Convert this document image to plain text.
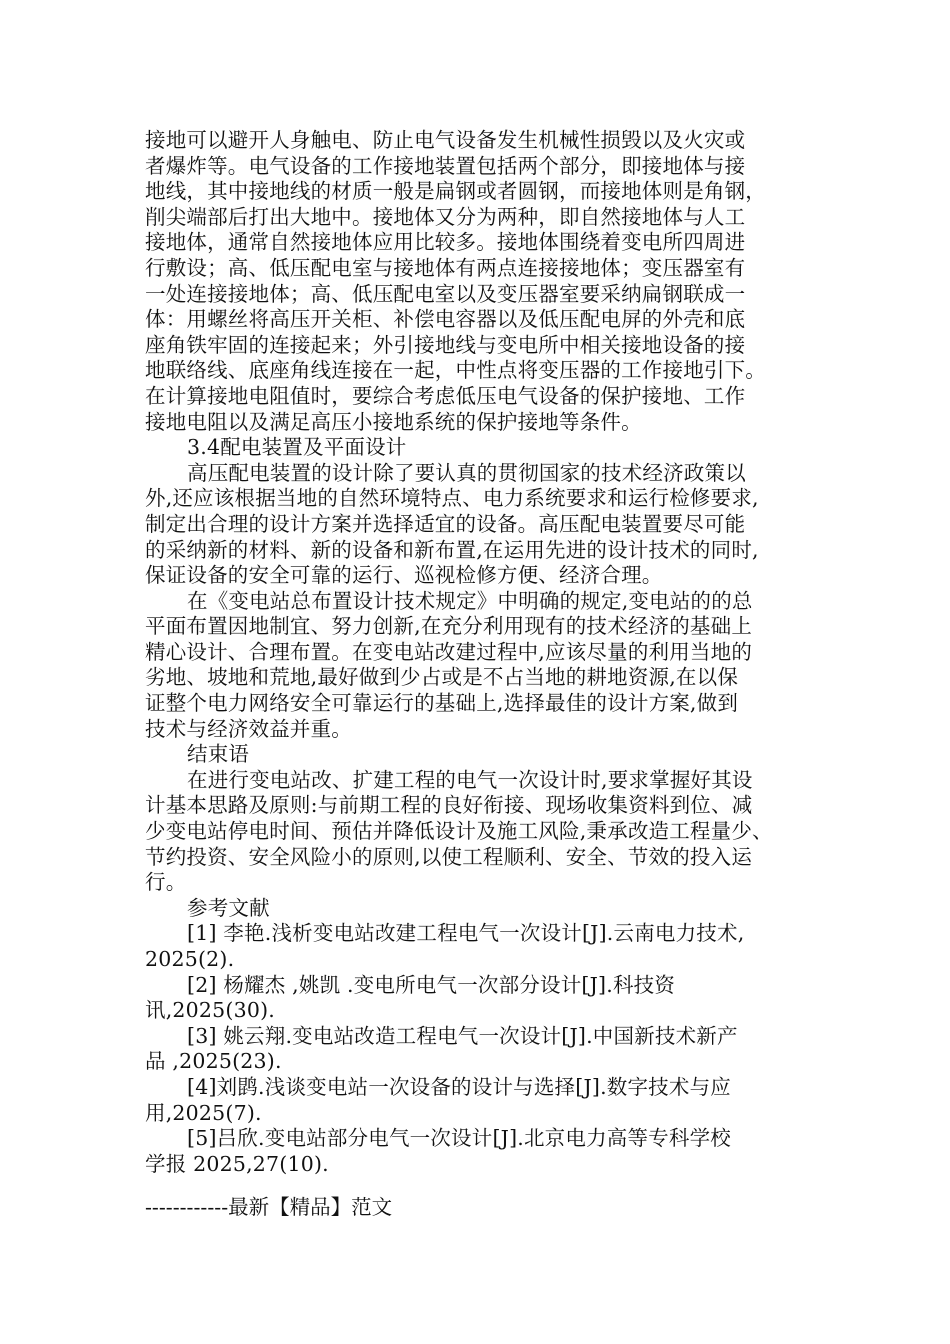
接地可以避开人身触电、防止电气设备发生机械性损毁以及火灾或
者爆炸等。电气设备的工作接地装置包括两个部分，即接地体与接
地线，其中接地线的材质一般是扁钢或者圆钢，而接地体则是角钢，
削尖端部后打出大地中。接地体又分为两种，即自然接地体与人工
接地体，通常自然接地体应用比较多。接地体围绕着变电所四周进
行敷设；高、低压配电室与接地体有两点连接接地体；变压器室有
一处连接接地体；高、低压配电室以及变压器室要采纳扁钢联成一
体：用螺丝将高压开关柜、补偿电容器以及低压配电屏的外壳和底
座角铁牢固的连接起来；外引接地线与变电所中相关接地设备的接
地联络线、底座角线连接在一起，中性点将变压器的工作接地引下。
在计算接地电阻值时，要综合考虑低压电气设备的保护接地、工作
接地电阻以及满足高压小接地系统的保护接地等条件。
3.4配电装置及平面设计
高压配电装置的设计除了要认真的贯彻国家的技术经济政策以
外,还应该根据当地的自然环境特点、电力系统要求和运行检修要求,
制定出合理的设计方案并选择适宜的设备。高压配电装置要尽可能
的采纳新的材料、新的设备和新布置,在运用先进的设计技术的同时,
保证设备的安全可靠的运行、巡视检修方便、经济合理。
在《变电站总布置设计技术规定》中明确的规定,变电站的的总
平面布置因地制宜、努力创新,在充分利用现有的技术经济的基础上
精心设计、合理布置。在变电站改建过程中,应该尽量的利用当地的
劣地、坡地和荒地,最好做到少占或是不占当地的耕地资源,在以保
证整个电力网络安全可靠运行的基础上,选择最佳的设计方案,做到
技术与经济效益并重。
结束语
在进行变电站改、扩建工程的电气一次设计时,要求掌握好其设
计基本思路及原则:与前期工程的良好衔接、现场收集资料到位、减
少变电站停电时间、预估并降低设计及施工风险,秉承改造工程量少、
节约投资、安全风险小的原则,以使工程顺利、安全、节效的投入运
行。
参考文献
[1] 李艳.浅析变电站改建工程电气一次设计[J].云南电力技术,
2025(2).
[2] 杨耀杰 ,姚凯 .变电所电气一次部分设计[J].科技资
讯,2025(30).
[3] 姚云翔.变电站改造工程电气一次设计[J].中国新技术新产
品 ,2025(23).
[4]刘鹍.浅谈变电站一次设备的设计与选择[J].数字技术与应
用,2025(7).
[5]吕欣.变电站部分电气一次设计[J].北京电力高等专科学校
学报 2025,27(10).
------------最新【精品】范文
